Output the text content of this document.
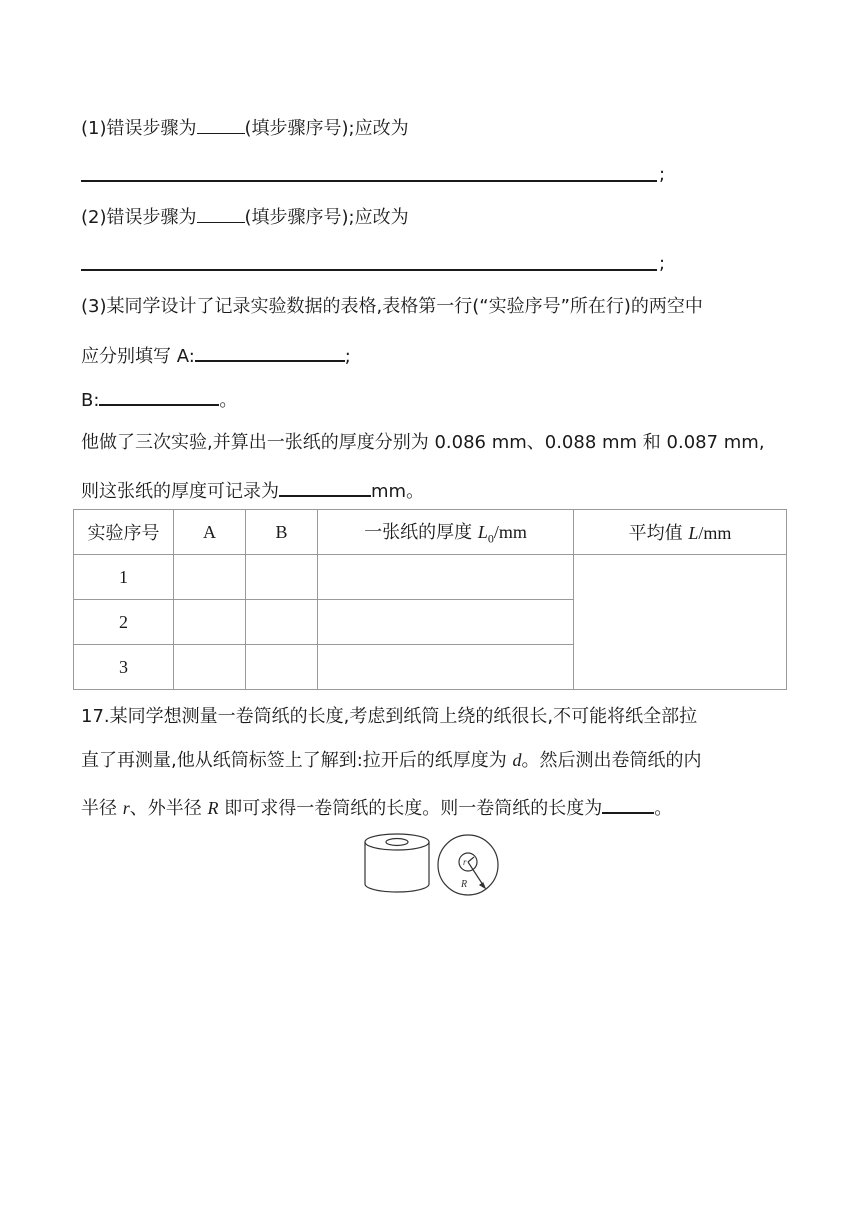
(1)错误步骤为	(填步骤序号);应改为
;
(2)错误步骤为	(填步骤序号);应改为
;
(3)某同学设计了记录实验数据的表格,表格第一行(“实验序号”所在行)的两空中
应分别填写 A:	;
B:	。
他做了三次实验,并算出一张纸的厚度分别为 0.086 mm、0.088 mm 和 0.087 mm,
则这张纸的厚度可记录为	mm。
实验序号	A	B	一张纸的厚度 $L_0/mm$	平均值 L/mm
1				
2				
3				
17.某同学想测量一卷筒纸的长度,考虑到纸筒上绕的纸很长,不可能将纸全部拉
直了再测量,他从纸筒标签上了解到:拉开后的纸厚度为 d。然后测出卷筒纸的内
半径 r、外半径 R 即可求得一卷筒纸的长度。则一卷筒纸的长度为	。
r
R
